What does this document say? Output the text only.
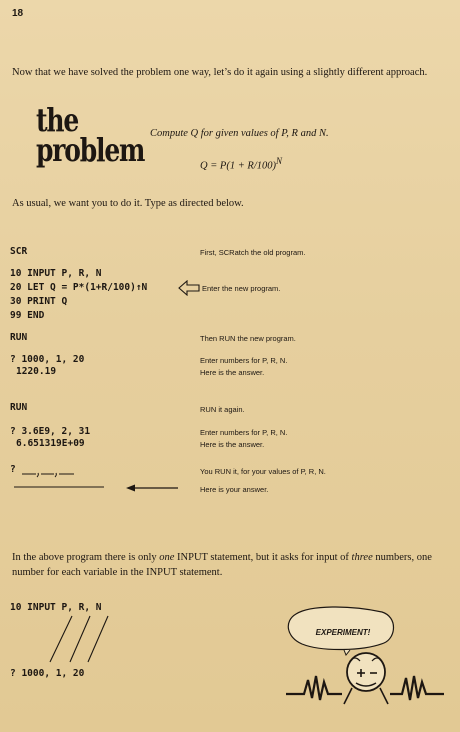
18
Now that we have solved the problem one way, let’s do it again using a slightly different approach.
the
problem Compute Q for given values of P, R and N.
$Q = P(1 + R/100)^N$
As usual, we want you to do it. Type as directed below.
SCR	First, SCRatch the old program.
10 INPUT P, R, N
20 LET Q = P*(1+R/100)↑N
30 PRINT Q
99 END
Enter the new program.
RUN	Then RUN the new program.
? 1000, 1, 20	Enter numbers for P, R, N.
1220.19	Here is the answer.
RUN	RUN it again.
? 3.6E9, 2, 31	Enter numbers for P, R, N.
6.651319E+09	Here is the answer.
?	You RUN it, for your values of P, R, N.
Here is your answer.
In the above program there is only one INPUT statement, but it asks for input of three numbers, one number for each variable in the INPUT statement.
10 INPUT P, R, N
? 1000, 1, 20
EXPERIMENT!
